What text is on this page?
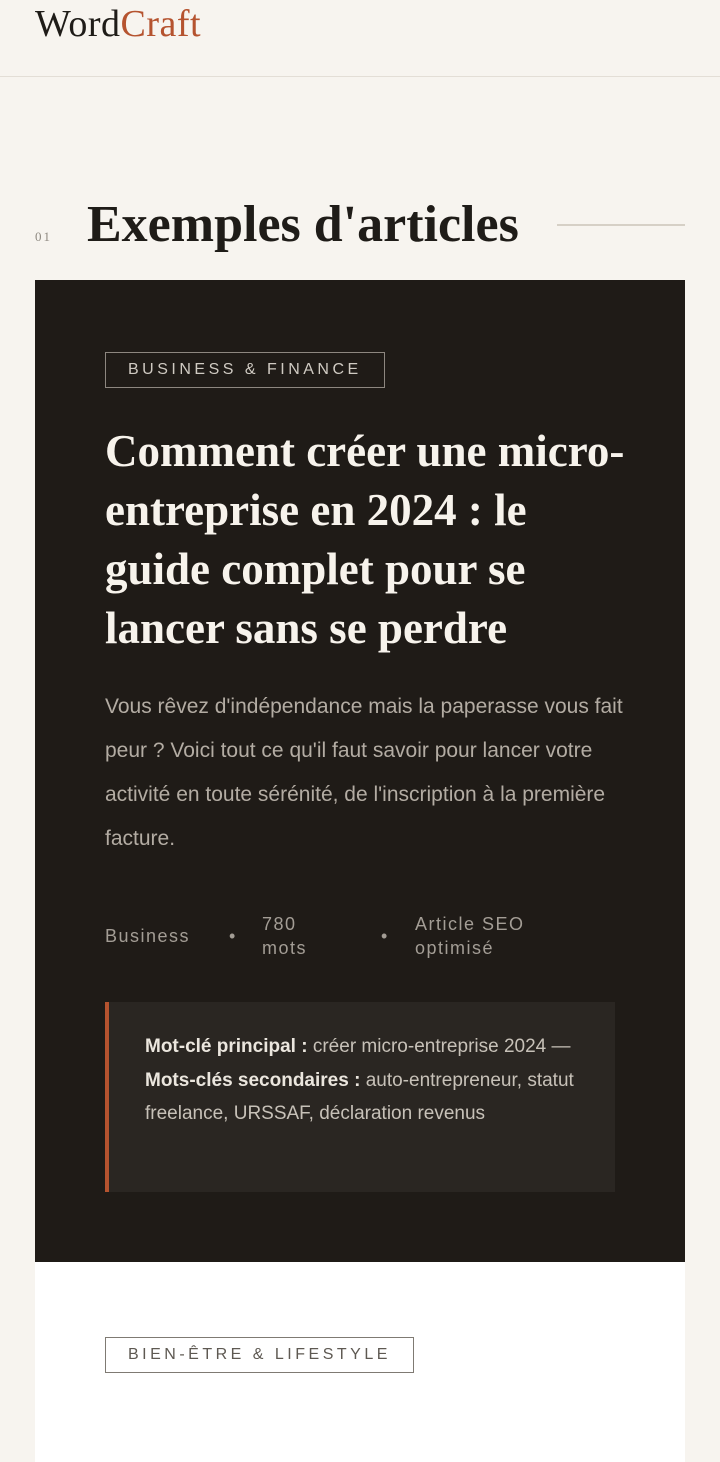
WordCraft
01 Exemples d'articles
BUSINESS & FINANCE
Comment créer une micro-entreprise en 2024 : le guide complet pour se lancer sans se perdre

Vous rêvez d'indépendance mais la paperasse vous fait peur ? Voici tout ce qu'il faut savoir pour lancer votre activité en toute sérénité, de l'inscription à la première facture.

Business •
780 mots
•
Article SEO optimisé
Mot-clé principal : créer micro-entreprise 2024 — Mots-clés secondaires : auto-entrepreneur, statut freelance, URSSAF, déclaration revenus
BIEN-ÊTRE & LIFESTYLE
